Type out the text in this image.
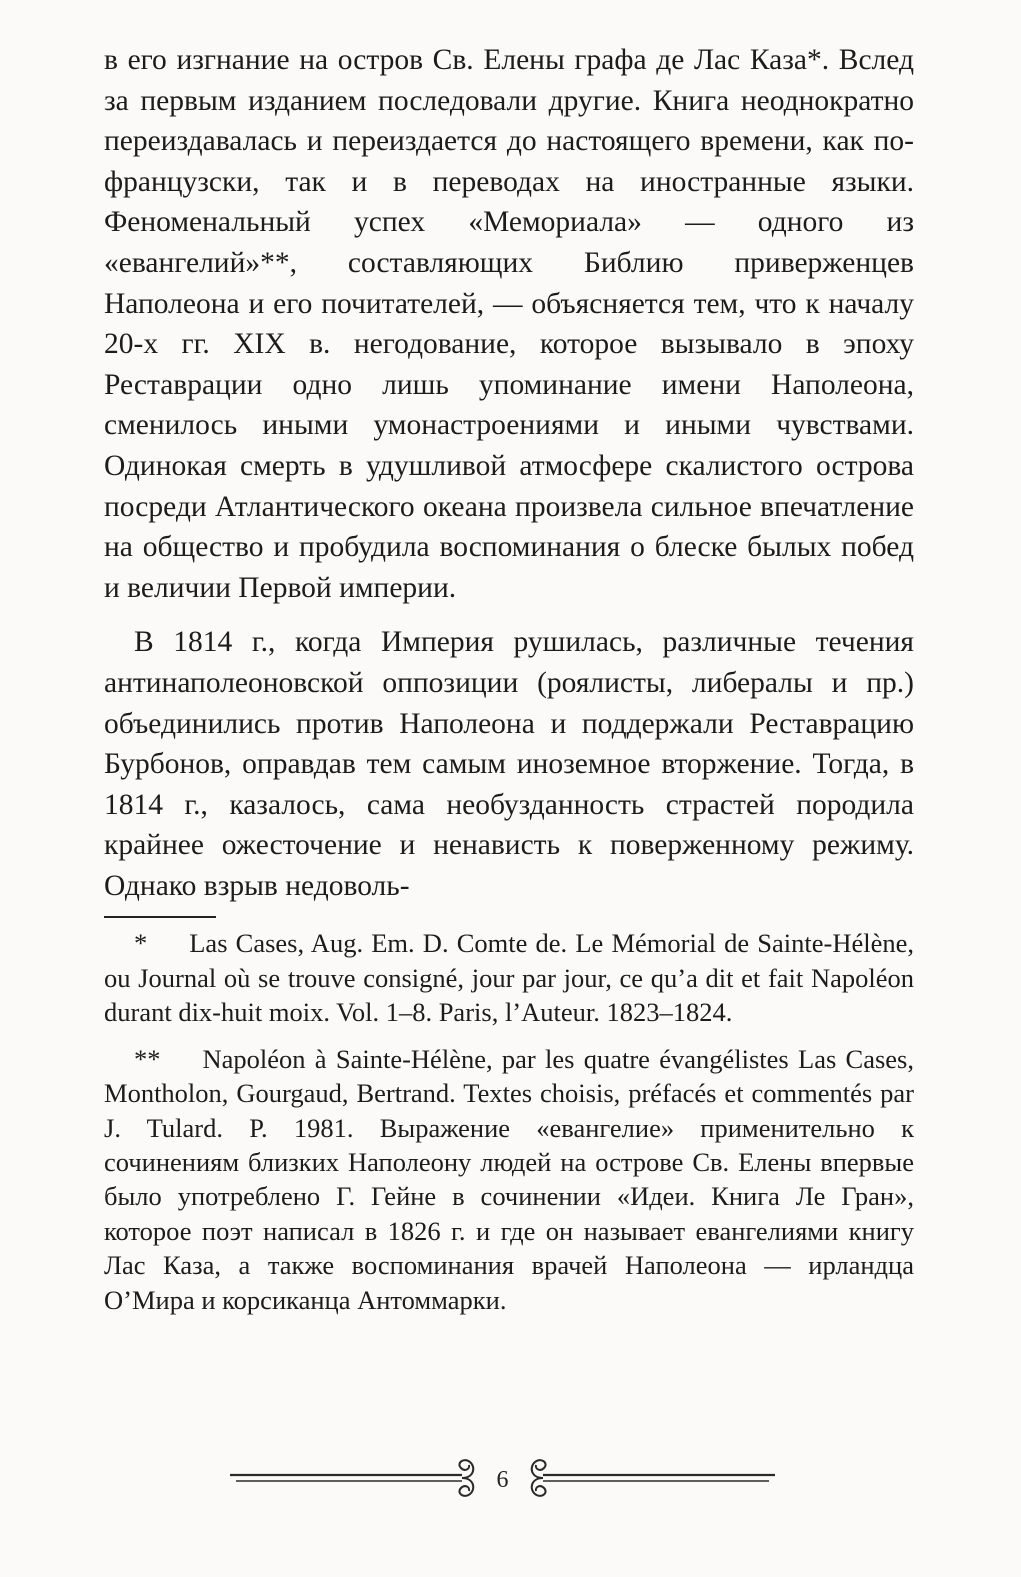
в его изгнание на остров Св. Елены графа де Лас Каза*. Вслед за первым изданием последовали другие. Книга неоднократно переиздавалась и переиздается до настоящего времени, как по-французски, так и в переводах на иностранные языки. Феноменальный успех «Мемориала» — одного из «евангелий»**, составляющих Библию приверженцев Наполеона и его почитателей, — объясняется тем, что к началу 20-х гг. XIX в. негодование, которое вызывало в эпоху Реставрации одно лишь упоминание имени Наполеона, сменилось иными умонастроениями и иными чувствами. Одинокая смерть в удушливой атмосфере скалистого острова посреди Атлантического океана произвела сильное впечатление на общество и пробудила воспоминания о блеске былых побед и величии Первой империи.

В 1814 г., когда Империя рушилась, различные течения антинаполеоновской оппозиции (роялисты, либералы и пр.) объединились против Наполеона и поддержали Реставрацию Бурбонов, оправдав тем самым иноземное вторжение. Тогда, в 1814 г., казалось, сама необузданность страстей породила крайнее ожесточение и ненависть к поверженному режиму. Однако взрыв недоволь-

* Las Cases, Aug. Em. D. Comte de. Le Mémorial de Sainte-Hélène, ou Journal où se trouve consigné, jour par jour, ce qu’a dit et fait Napoléon durant dix-huit moix. Vol. 1–8. Paris, l’Auteur. 1823–1824.

** Napoléon à Sainte-Hélène, par les quatre évangélistes Las Cases, Montholon, Gourgaud, Bertrand. Textes choisis, préfacés et commentés par J. Tulard. P. 1981. Выражение «евангелие» применительно к сочинениям близких Наполеону людей на острове Св. Елены впервые было употреблено Г. Гейне в сочинении «Идеи. Книга Ле Гран», которое поэт написал в 1826 г. и где он называет евангелиями книгу Лас Каза, а также воспоминания врачей Наполеона — ирландца О’Мира и корсиканца Антоммарки.

6
